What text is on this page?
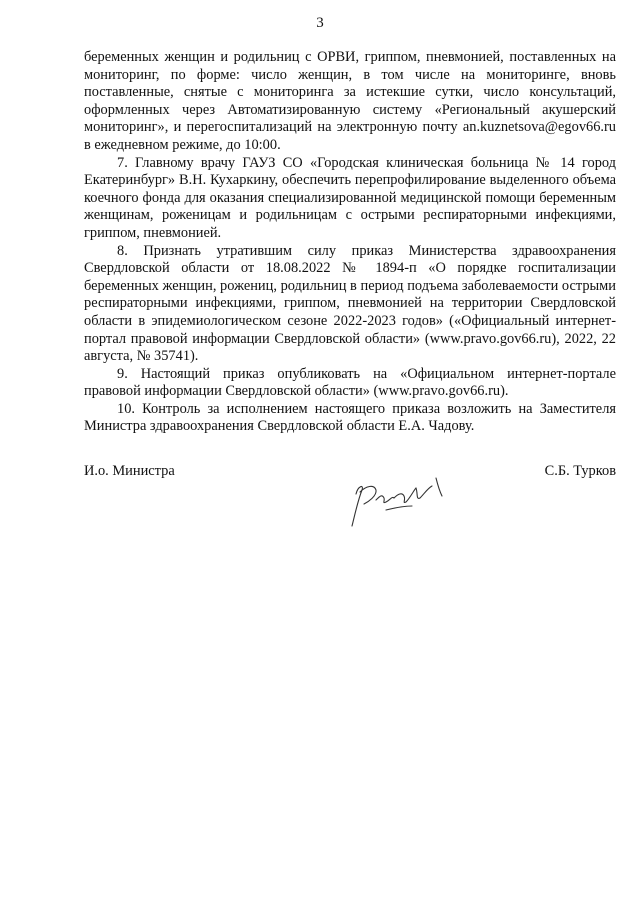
3

беременных женщин и родильниц с ОРВИ, гриппом, пневмонией, поставленных на мониторинг, по форме: число женщин, в том числе на мониторинге, вновь поставленные, снятые с мониторинга за истекшие сутки, число консультаций, оформленных через Автоматизированную систему «Региональный акушерский мониторинг», и перегоспитализаций на электронную почту an.kuznetsova@egov66.ru в ежедневном режиме, до 10:00.

7. Главному врачу ГАУЗ СО «Городская клиническая больница № 14 город Екатеринбург» В.Н. Кухаркину, обеспечить перепрофилирование выделенного объема коечного фонда для оказания специализированной медицинской помощи беременным женщинам, роженицам и родильницам с острыми респираторными инфекциями, гриппом, пневмонией.

8. Признать утратившим силу приказ Министерства здравоохранения Свердловской области от 18.08.2022 № 1894-п «О порядке госпитализации беременных женщин, рожениц, родильниц в период подъема заболеваемости острыми респираторными инфекциями, гриппом, пневмонией на территории Свердловской области в эпидемиологическом сезоне 2022-2023 годов» («Официальный интернет-портал правовой информации Свердловской области» (www.pravo.gov66.ru), 2022, 22 августа, № 35741).

9. Настоящий приказ опубликовать на «Официальном интернет-портале правовой информации Свердловской области» (www.pravo.gov66.ru).

10. Контроль за исполнением настоящего приказа возложить на Заместителя Министра здравоохранения Свердловской области Е.А. Чадову.

И.о. Министра	С.Б. Турков
